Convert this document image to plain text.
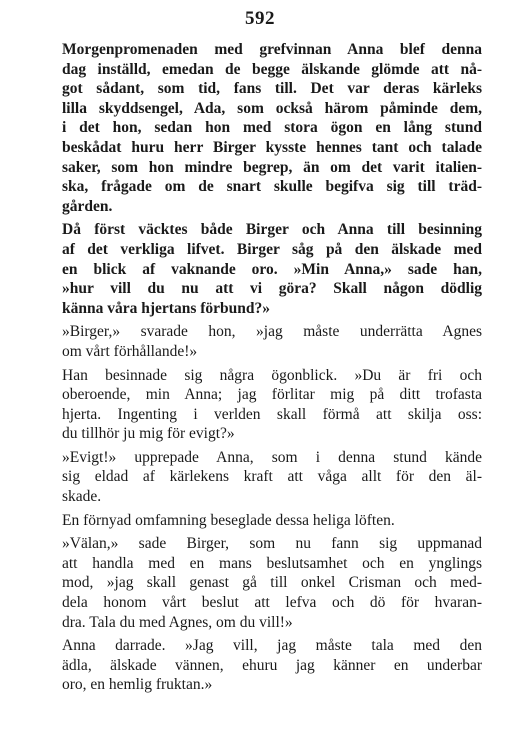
592
Morgenpromenaden med grefvinnan Anna blef denna
dag inställd, emedan de begge älskande glömde att nå-
got sådant, som tid, fans till. Det var deras kärleks
lilla skyddsengel, Ada, som också härom påminde dem,
i det hon, sedan hon med stora ögon en lång stund
beskådat huru herr Birger kysste hennes tant och talade
saker, som hon mindre begrep, än om det varit italien-
ska, frågade om de snart skulle begifva sig till träd-
gården.
Då först väcktes både Birger och Anna till besinning
af det verkliga lifvet. Birger såg på den älskade med
en blick af vaknande oro. »Min Anna,» sade han,
»hur vill du nu att vi göra? Skall någon dödlig
känna våra hjertans förbund?»
»Birger,» svarade hon, »jag måste underrätta Agnes
om vårt förhållande!»
Han besinnade sig några ögonblick. »Du är fri och
oberoende, min Anna; jag förlitar mig på ditt trofasta
hjerta. Ingenting i verlden skall förmå att skilja oss:
du tillhör ju mig för evigt?»
»Evigt!» upprepade Anna, som i denna stund kände
sig eldad af kärlekens kraft att våga allt för den äl-
skade.
En förnyad omfamning beseglade dessa heliga löften.
»Välan,» sade Birger, som nu fann sig uppmanad
att handla med en mans beslutsamhet och en ynglings
mod, »jag skall genast gå till onkel Crisman och med-
dela honom vårt beslut att lefva och dö för hvaran-
dra. Tala du med Agnes, om du vill!»
Anna darrade. »Jag vill, jag måste tala med den
ädla, älskade vännen, ehuru jag känner en underbar
oro, en hemlig fruktan.»
